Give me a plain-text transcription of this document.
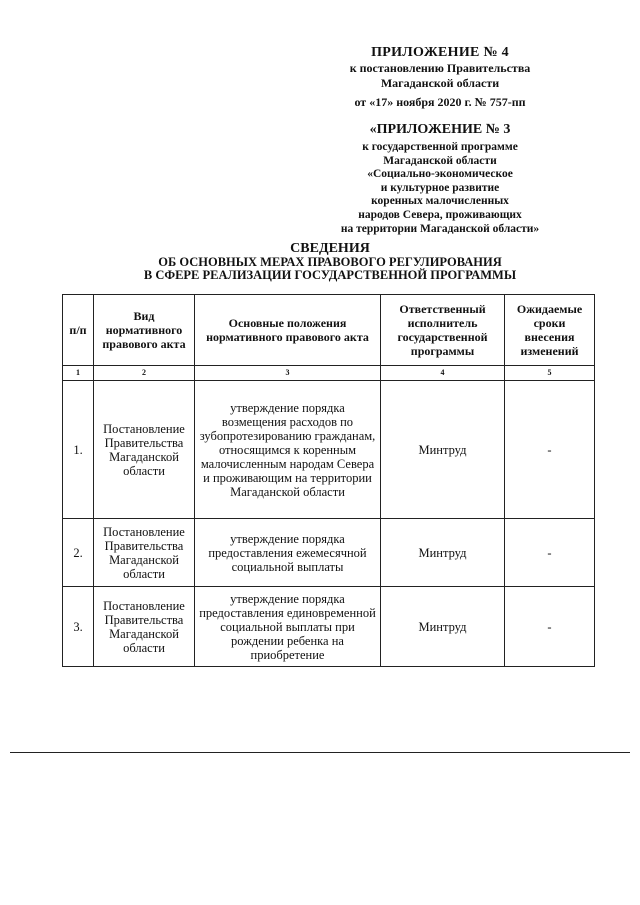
ПРИЛОЖЕНИЕ № 4
к постановлению Правительства
Магаданской области
от «17» ноября 2020 г. № 757-пп
«ПРИЛОЖЕНИЕ № 3
к государственной программе
Магаданской области
«Социально-экономическое
и культурное развитие
коренных малочисленных
народов Севера, проживающих
на территории Магаданской области»
СВЕДЕНИЯ
ОБ ОСНОВНЫХ МЕРАХ ПРАВОВОГО РЕГУЛИРОВАНИЯ
В СФЕРЕ РЕАЛИЗАЦИИ ГОСУДАРСТВЕННОЙ ПРОГРАММЫ
п/п	Вид нормативного правового акта	Основные положения нормативного правового акта	Ответственный исполнитель государственной программы	Ожидаемые сроки внесения изменений
1	2	3	4	5
1.	Постановление Правительства Магаданской области	утверждение порядка возмещения расходов по зубопротезированию гражданам, относящимся к коренным малочисленным народам Севера и проживающим на территории Магаданской области	Минтруд	-
2.	Постановление Правительства Магаданской области	утверждение порядка предоставления ежемесячной социальной выплаты	Минтруд	-
3.	Постановление Правительства Магаданской области	утверждение порядка предоставления единовременной социальной выплаты при рождении ребенка на приобретение	Минтруд	-
